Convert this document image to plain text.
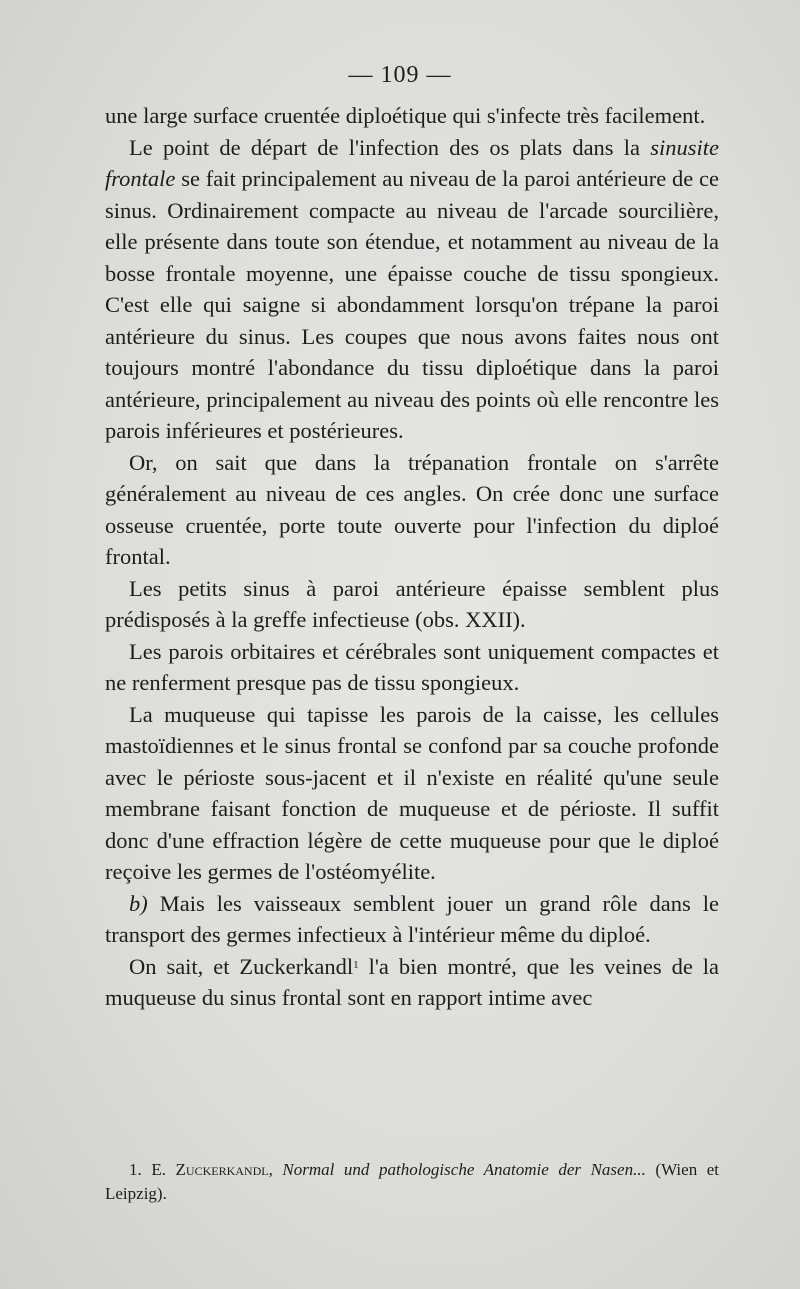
— 109 —

une large surface cruentée diploétique qui s'infecte très facilement.

Le point de départ de l'infection des os plats dans la sinusite frontale se fait principalement au niveau de la paroi antérieure de ce sinus. Ordinairement compacte au niveau de l'arcade sourcilière, elle présente dans toute son étendue, et notamment au niveau de la bosse frontale moyenne, une épaisse couche de tissu spongieux. C'est elle qui saigne si abondamment lorsqu'on trépane la paroi antérieure du sinus. Les coupes que nous avons faites nous ont toujours montré l'abondance du tissu diploétique dans la paroi antérieure, principalement au niveau des points où elle rencontre les parois inférieures et postérieures.

Or, on sait que dans la trépanation frontale on s'arrête généralement au niveau de ces angles. On crée donc une surface osseuse cruentée, porte toute ouverte pour l'infection du diploé frontal.

Les petits sinus à paroi antérieure épaisse semblent plus prédisposés à la greffe infectieuse (obs. XXII).

Les parois orbitaires et cérébrales sont uniquement compactes et ne renferment presque pas de tissu spongieux.

La muqueuse qui tapisse les parois de la caisse, les cellules mastoïdiennes et le sinus frontal se confond par sa couche profonde avec le périoste sous-jacent et il n'existe en réalité qu'une seule membrane faisant fonction de muqueuse et de périoste. Il suffit donc d'une effraction légère de cette muqueuse pour que le diploé reçoive les germes de l'ostéomyélite.

b) Mais les vaisseaux semblent jouer un grand rôle dans le transport des germes infectieux à l'intérieur même du diploé.

On sait, et Zuckerkandl$^1$ l'a bien montré, que les veines de la muqueuse du sinus frontal sont en rapport intime avec

1. E. Zuckerkandl, Normal und pathologische Anatomie der Nasen... (Wien et Leipzig).
